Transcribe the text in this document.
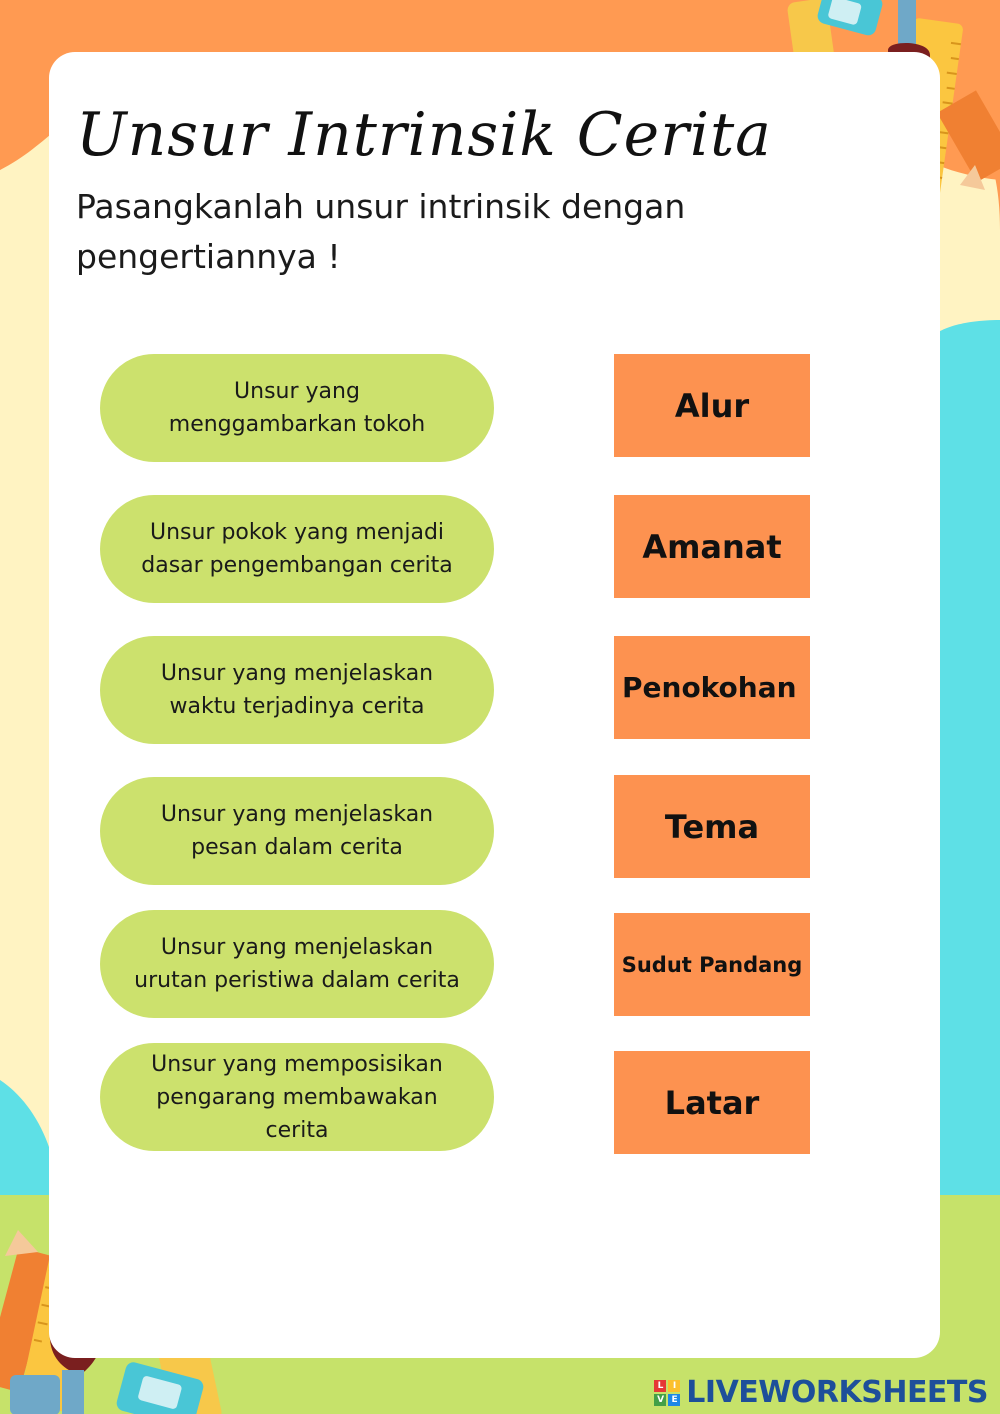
Unsur Intrinsik Cerita

Pasangkanlah unsur intrinsik dengan pengertiannya !

Unsur yang
menggambarkan tokoh
Unsur pokok yang menjadi
dasar pengembangan cerita
Unsur yang menjelaskan
waktu terjadinya cerita
Unsur yang menjelaskan
pesan dalam cerita
Unsur yang menjelaskan
urutan peristiwa dalam cerita
Unsur yang memposisikan
pengarang membawakan cerita
Alur
Amanat
Penokohan
Tema
Sudut Pandang
Latar
L	I
V E LIVEWORKSHEETS
